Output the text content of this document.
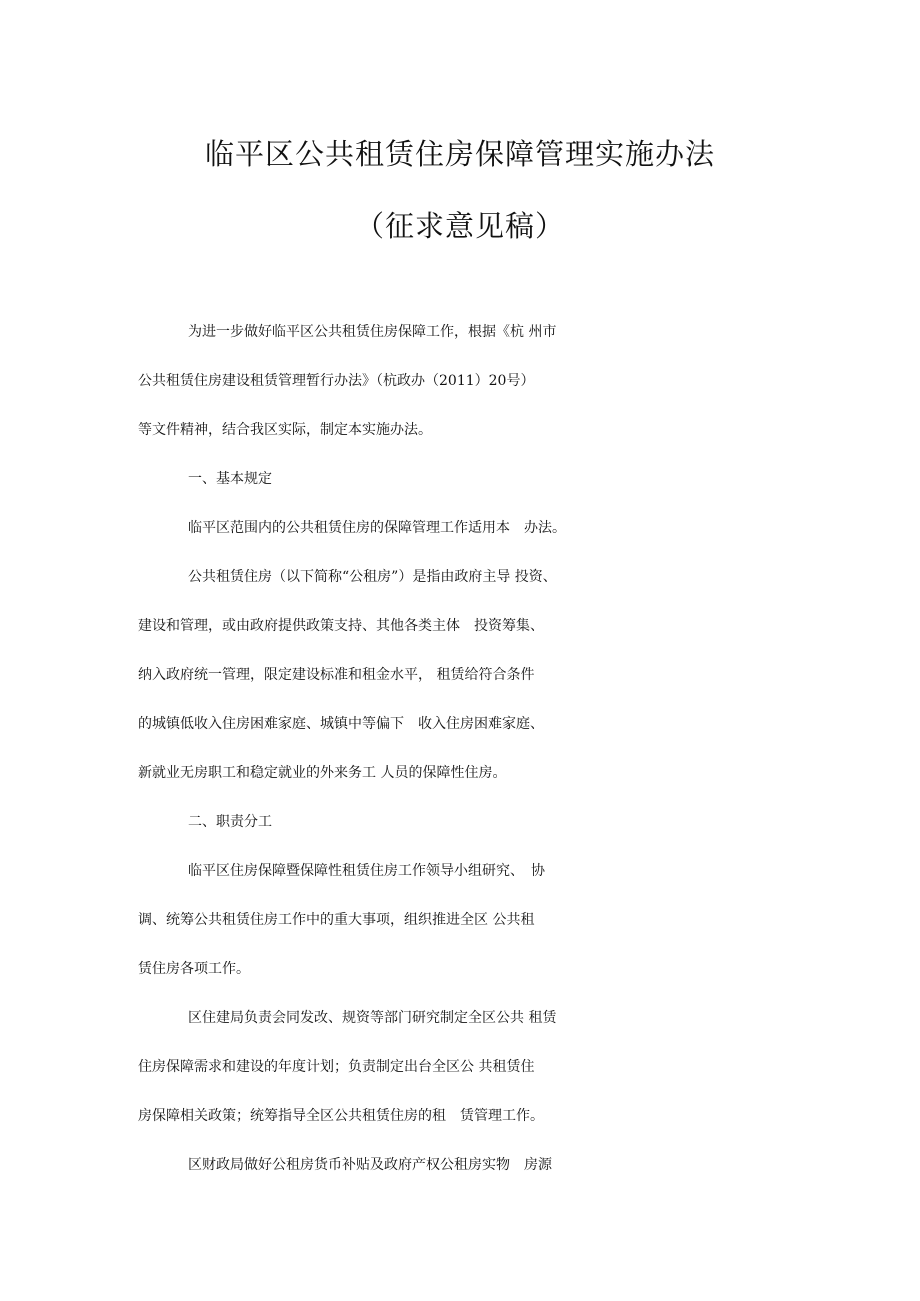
临平区公共租赁住房保障管理实施办法
（征求意见稿）

为进一步做好临平区公共租赁住房保障工作，根据《杭 州市

公共租赁住房建设租赁管理暂行办法》（杭政办（2011）20号）

等文件精神，结合我区实际，制定本实施办法。

一、基本规定

临平区范围内的公共租赁住房的保障管理工作适用本　办法。

公共租赁住房（以下简称“公租房”）是指由政府主导 投资、

建设和管理，或由政府提供政策支持、其他各类主体　投资筹集、

纳入政府统一管理，限定建设标准和租金水平， 租赁给符合条件

的城镇低收入住房困难家庭、城镇中等偏下　收入住房困难家庭、

新就业无房职工和稳定就业的外来务工 人员的保障性住房。

二、职责分工

临平区住房保障暨保障性租赁住房工作领导小组研究、　协

调、统筹公共租赁住房工作中的重大事项，组织推进全区 公共租

赁住房各项工作。

区住建局负责会同发改、规资等部门研究制定全区公共 租赁

住房保障需求和建设的年度计划；负责制定出台全区公 共租赁住

房保障相关政策；统筹指导全区公共租赁住房的租　赁管理工作。

区财政局做好公租房货币补贴及政府产权公租房实物　房源
